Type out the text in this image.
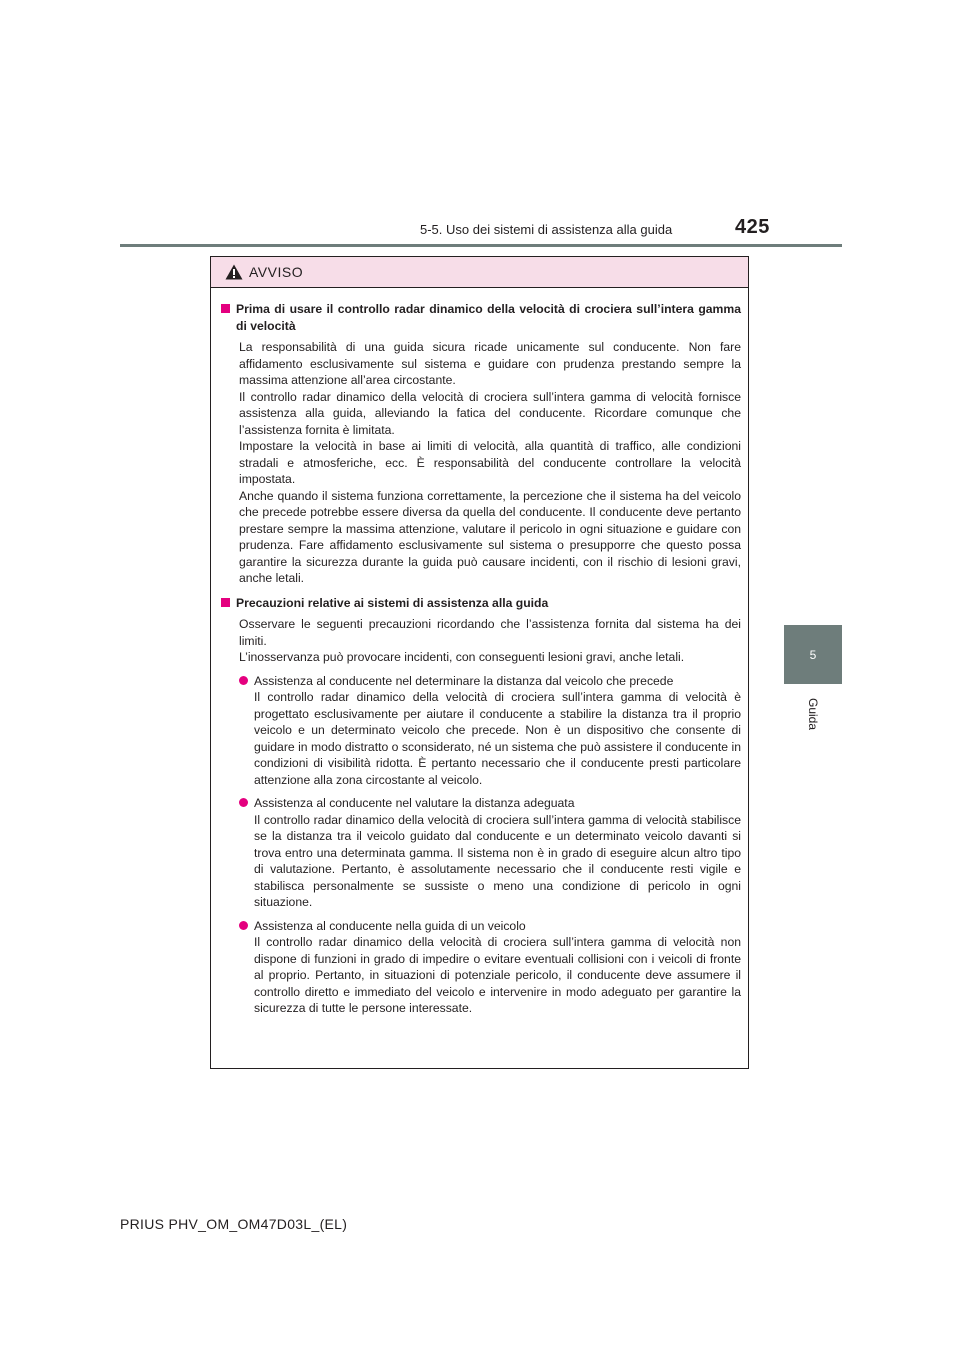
5-5. Uso dei sistemi di assistenza alla guida	425
5
Guida
AVVISO
Prima di usare il controllo radar dinamico della velocità di crociera sull’intera gamma di velocità
La responsabilità di una guida sicura ricade unicamente sul conducente. Non fare affidamento esclusivamente sul sistema e guidare con prudenza prestando sempre la massima attenzione all’area circostante.
Il controllo radar dinamico della velocità di crociera sull’intera gamma di velocità fornisce assistenza alla guida, alleviando la fatica del conducente. Ricordare comunque che l’assistenza fornita è limitata.
Impostare la velocità in base ai limiti di velocità, alla quantità di traffico, alle condizioni stradali e atmosferiche, ecc. È responsabilità del conducente controllare la velocità impostata.
Anche quando il sistema funziona correttamente, la percezione che il sistema ha del veicolo che precede potrebbe essere diversa da quella del conducente. Il conducente deve pertanto prestare sempre la massima attenzione, valutare il pericolo in ogni situazione e guidare con prudenza. Fare affidamento esclusivamente sul sistema o presupporre che questo possa garantire la sicurezza durante la guida può causare incidenti, con il rischio di lesioni gravi, anche letali.
Precauzioni relative ai sistemi di assistenza alla guida
Osservare le seguenti precauzioni ricordando che l’assistenza fornita dal sistema ha dei limiti.
L’inosservanza può provocare incidenti, con conseguenti lesioni gravi, anche letali.
Assistenza al conducente nel determinare la distanza dal veicolo che precede
Il controllo radar dinamico della velocità di crociera sull’intera gamma di velocità è progettato esclusivamente per aiutare il conducente a stabilire la distanza tra il proprio veicolo e un determinato veicolo che precede. Non è un dispositivo che consente di guidare in modo distratto o sconsiderato, né un sistema che può assistere il conducente in condizioni di visibilità ridotta. È pertanto necessario che il conducente presti particolare attenzione alla zona circostante al veicolo.
Assistenza al conducente nel valutare la distanza adeguata
Il controllo radar dinamico della velocità di crociera sull’intera gamma di velocità stabilisce se la distanza tra il veicolo guidato dal conducente e un determinato veicolo davanti si trova entro una determinata gamma. Il sistema non è in grado di eseguire alcun altro tipo di valutazione. Pertanto, è assolutamente necessario che il conducente resti vigile e stabilisca personalmente se sussiste o meno una condizione di pericolo in ogni situazione.
Assistenza al conducente nella guida di un veicolo
Il controllo radar dinamico della velocità di crociera sull’intera gamma di velocità non dispone di funzioni in grado di impedire o evitare eventuali collisioni con i veicoli di fronte al proprio. Pertanto, in situazioni di potenziale pericolo, il conducente deve assumere il controllo diretto e immediato del veicolo e intervenire in modo adeguato per garantire la sicurezza di tutte le persone interessate.
PRIUS PHV_OM_OM47D03L_(EL)
